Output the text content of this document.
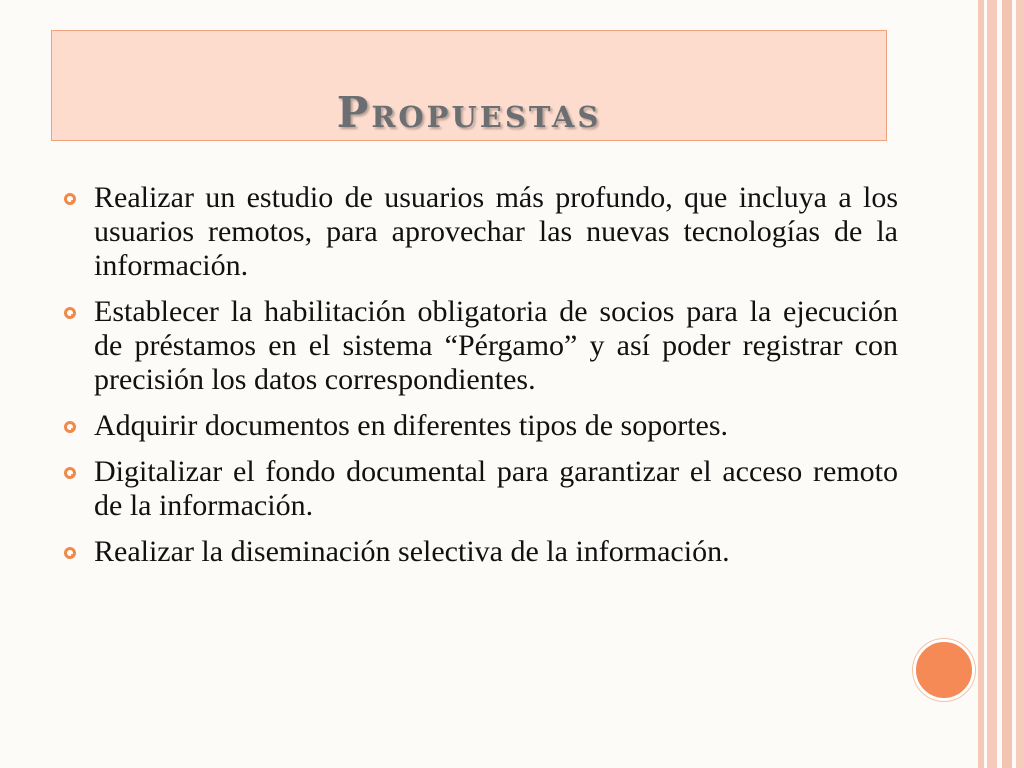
Propuestas
Realizar un estudio de usuarios más profundo, que incluya a los usuarios remotos, para aprovechar las nuevas tecnologías de la información.
Establecer la habilitación obligatoria de socios para la ejecución de préstamos en el sistema “Pérgamo” y así poder registrar con precisión los datos correspondientes.
Adquirir documentos en diferentes tipos de soportes.
Digitalizar el fondo documental para garantizar el acceso remoto de la información.
Realizar la diseminación selectiva de la información.
